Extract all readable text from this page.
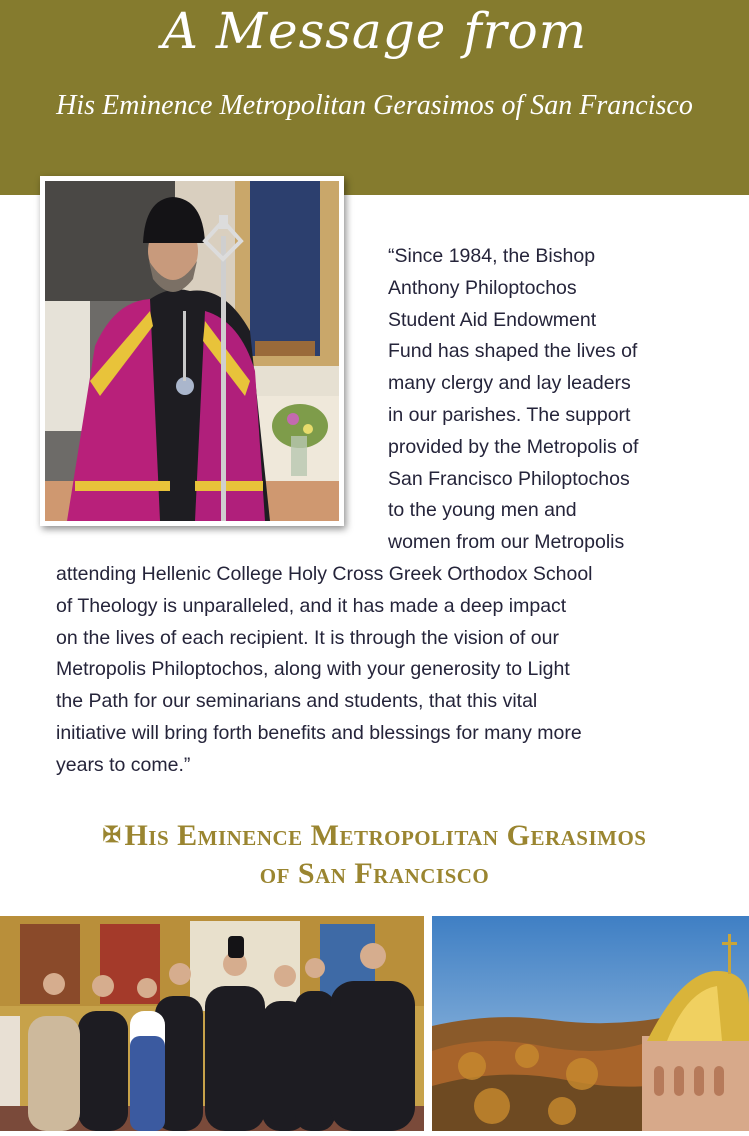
A Message from
His Eminence Metropolitan Gerasimos of San Francisco
“Since 1984, the Bishop
Anthony Philoptochos
Student Aid Endowment
Fund has shaped the lives of
many clergy and lay leaders
in our parishes. The support
provided by the Metropolis of
San Francisco Philoptochos
to the young men and
women from our Metropolis
attending Hellenic College Holy Cross Greek Orthodox School
of Theology is unparalleled, and it has made a deep impact
on the lives of each recipient. It is through the vision of our
Metropolis Philoptochos, along with your generosity to Light
the Path for our seminarians and students, that this vital
initiative will bring forth benefits and blessings for many more
years to come.”
✠ His Eminence Metropolitan Gerasimos
of San Francisco
